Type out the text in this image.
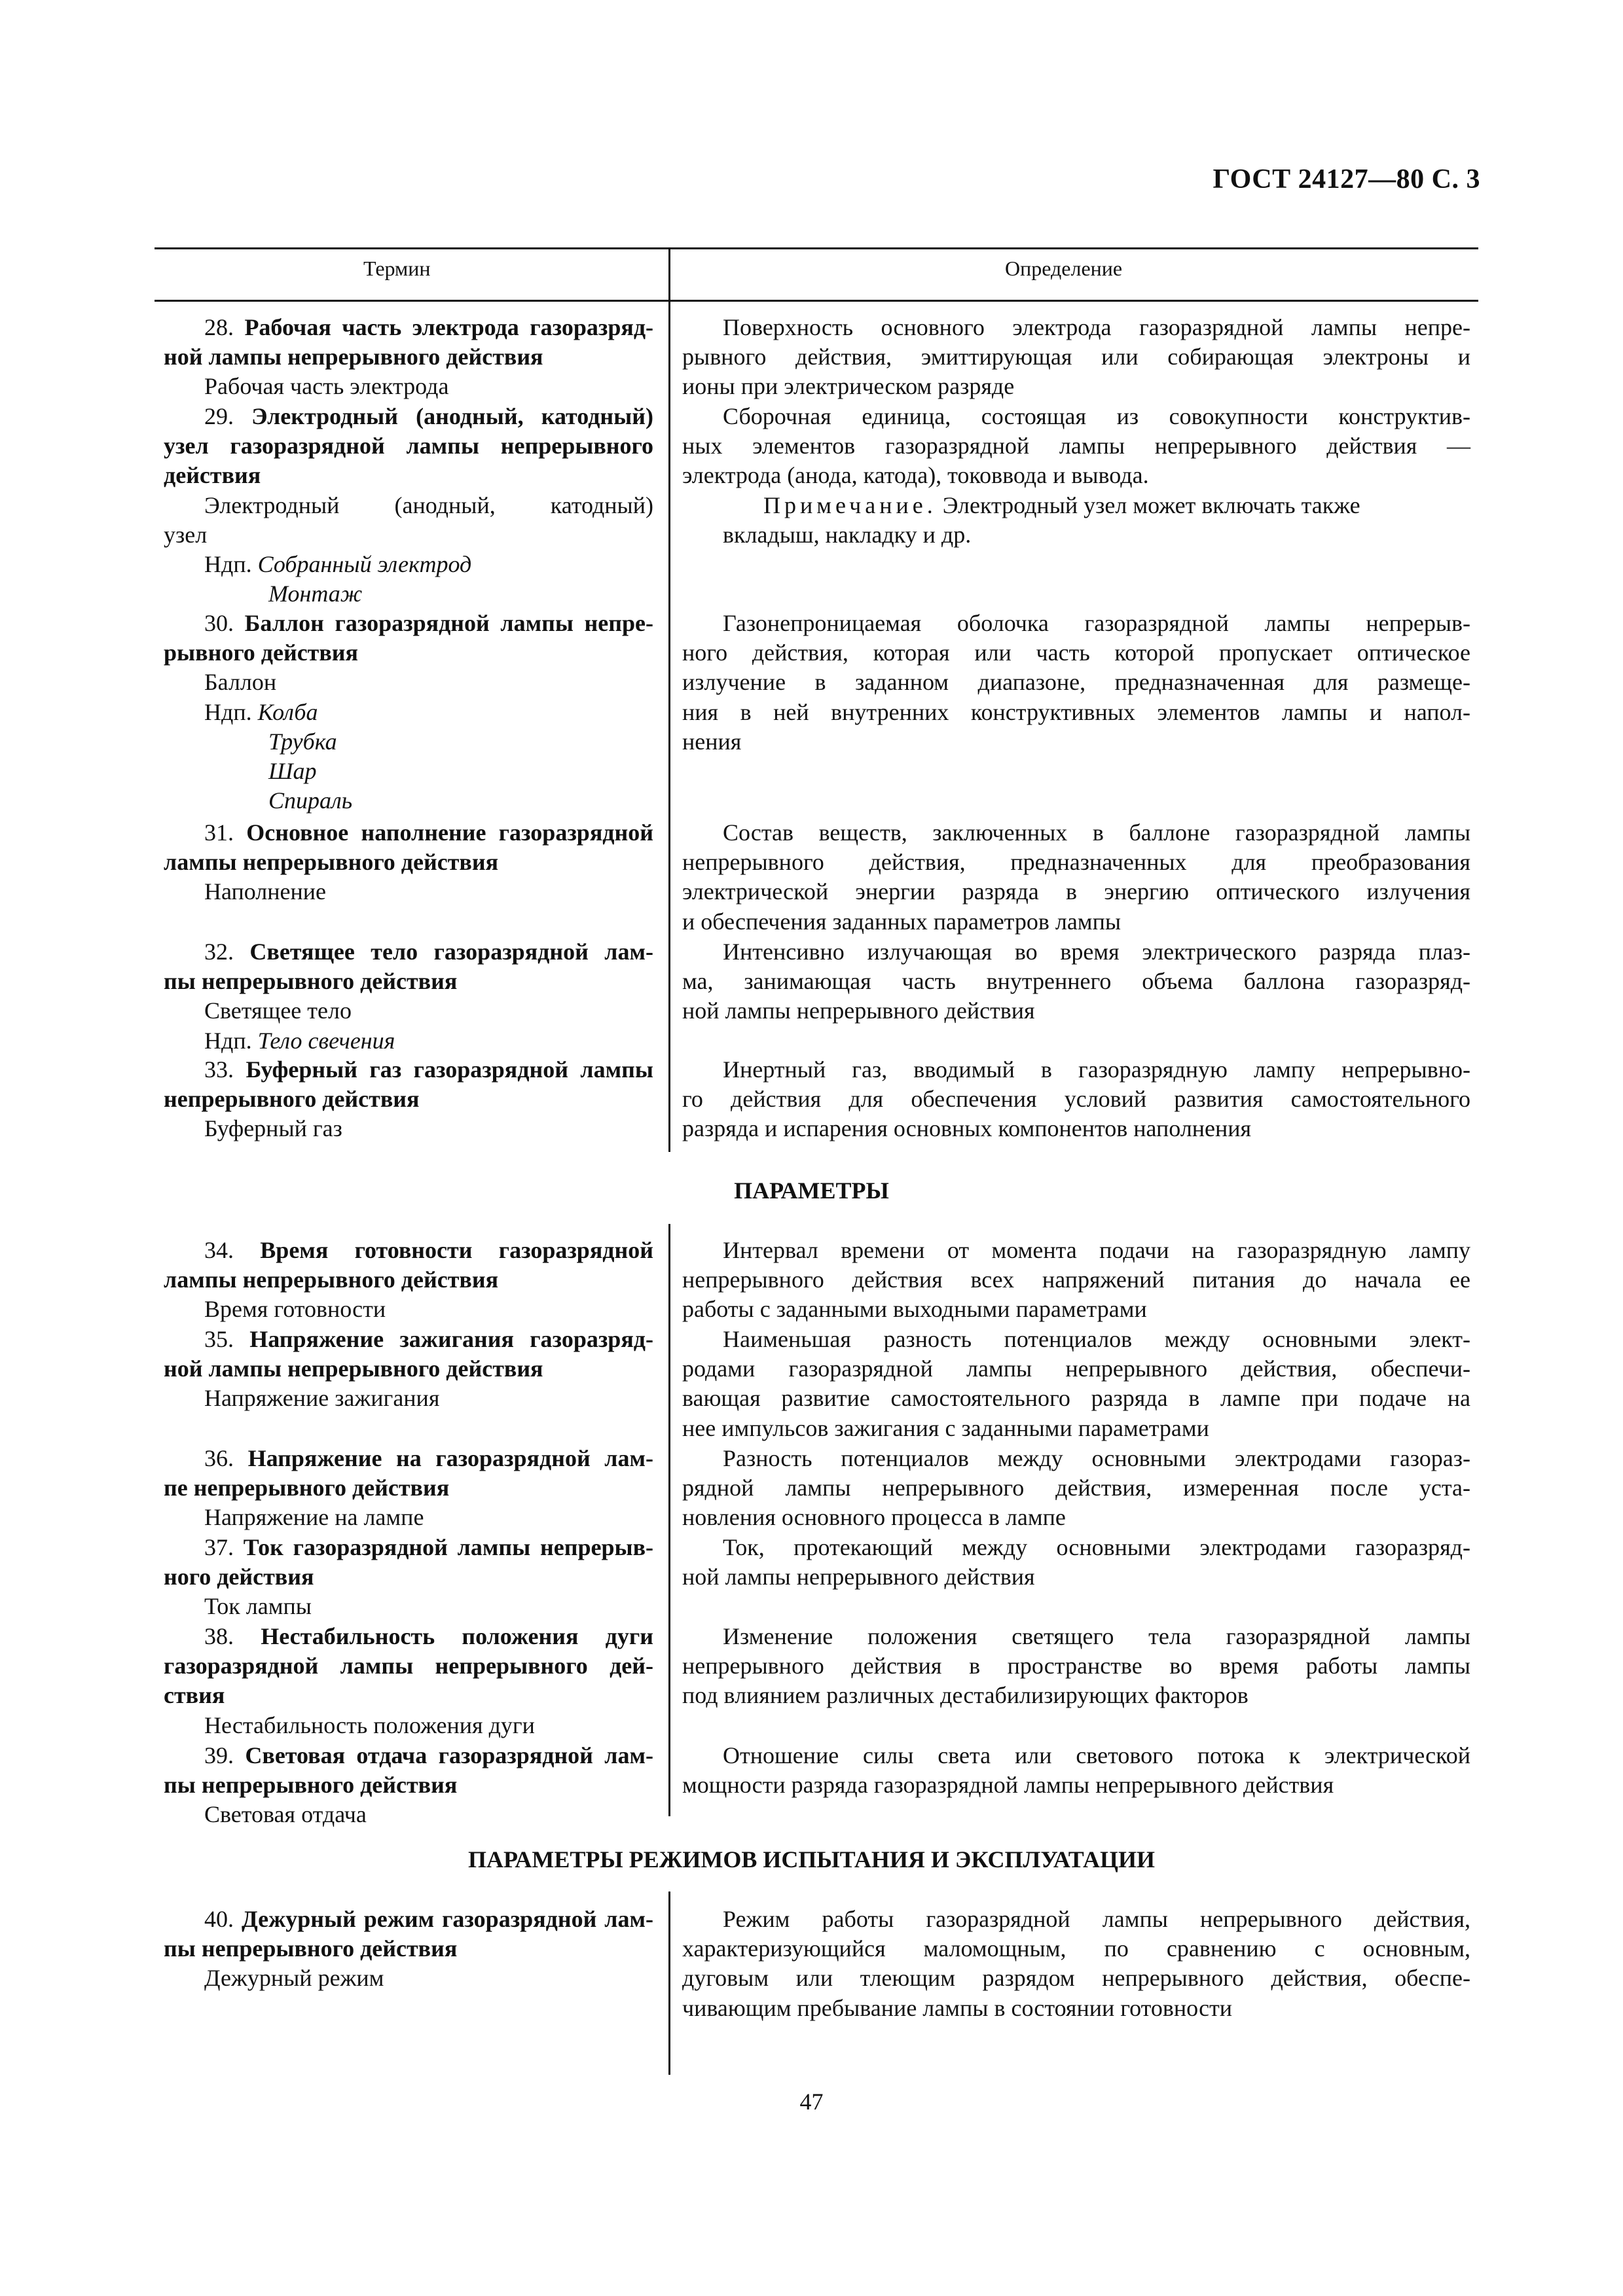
ГОСТ 24127—80 С. 3
Термин	Определение
28. Рабочая часть электрода газоразряд-
ной лампы непрерывного действия
Рабочая часть электрода
Поверхность основного электрода газоразрядной лампы непре-
рывного действия, эмиттирующая или собирающая электроны и
ионы при электрическом разряде
29. Электродный (анодный, катодный)
узел газоразрядной лампы непрерывного
действия
Электродный (анодный, катодный)
узел
Ндп. Собранный электрод
Монтаж
Сборочная единица, состоящая из совокупности конструктив-
ных элементов газоразрядной лампы непрерывного действия —
электрода (анода, катода), токоввода и вывода.
Примечание. Электродный узел может включать также
вкладыш, накладку и др.
30. Баллон газоразрядной лампы непре-
рывного действия
Баллон
Ндп. Колба
Трубка
Шар
Спираль
Газонепроницаемая оболочка газоразрядной лампы непрерыв-
ного действия, которая или часть которой пропускает оптическое
излучение в заданном диапазоне, предназначенная для размеще-
ния в ней внутренних конструктивных элементов лампы и напол-
нения
31. Основное наполнение газоразрядной
лампы непрерывного действия
Наполнение
Состав веществ, заключенных в баллоне газоразрядной лампы
непрерывного действия, предназначенных для преобразования
электрической энергии разряда в энергию оптического излучения
и обеспечения заданных параметров лампы
32. Светящее тело газоразрядной лам-
пы непрерывного действия
Светящее тело
Ндп. Тело свечения
Интенсивно излучающая во время электрического разряда плаз-
ма, занимающая часть внутреннего объема баллона газоразряд-
ной лампы непрерывного действия
33. Буферный газ газоразрядной лампы
непрерывного действия
Буферный газ
Инертный газ, вводимый в газоразрядную лампу непрерывно-
го действия для обеспечения условий развития самостоятельного
разряда и испарения основных компонентов наполнения
ПАРАМЕТРЫ
34. Время готовности газоразрядной
лампы непрерывного действия
Время готовности
Интервал времени от момента подачи на газоразрядную лампу
непрерывного действия всех напряжений питания до начала ее
работы с заданными выходными параметрами
35. Напряжение зажигания газоразряд-
ной лампы непрерывного действия
Напряжение зажигания
Наименьшая разность потенциалов между основными элект-
родами газоразрядной лампы непрерывного действия, обеспечи-
вающая развитие самостоятельного разряда в лампе при подаче на
нее импульсов зажигания с заданными параметрами
36. Напряжение на газоразрядной лам-
пе непрерывного действия
Напряжение на лампе
Разность потенциалов между основными электродами газораз-
рядной лампы непрерывного действия, измеренная после уста-
новления основного процесса в лампе
37. Ток газоразрядной лампы непрерыв-
ного действия
Ток лампы
Ток, протекающий между основными электродами газоразряд-
ной лампы непрерывного действия
38. Нестабильность положения дуги
газоразрядной лампы непрерывного дей-
ствия
Нестабильность положения дуги
Изменение положения светящего тела газоразрядной лампы
непрерывного действия в пространстве во время работы лампы
под влиянием различных дестабилизирующих факторов
39. Световая отдача газоразрядной лам-
пы непрерывного действия
Световая отдача
Отношение силы света или светового потока к электрической
мощности разряда газоразрядной лампы непрерывного действия
ПАРАМЕТРЫ РЕЖИМОВ ИСПЫТАНИЯ И ЭКСПЛУАТАЦИИ
40. Дежурный режим газоразрядной лам-
пы непрерывного действия
Дежурный режим
Режим работы газоразрядной лампы непрерывного действия,
характеризующийся маломощным, по сравнению с основным,
дуговым или тлеющим разрядом непрерывного действия, обеспе-
чивающим пребывание лампы в состоянии готовности
47
